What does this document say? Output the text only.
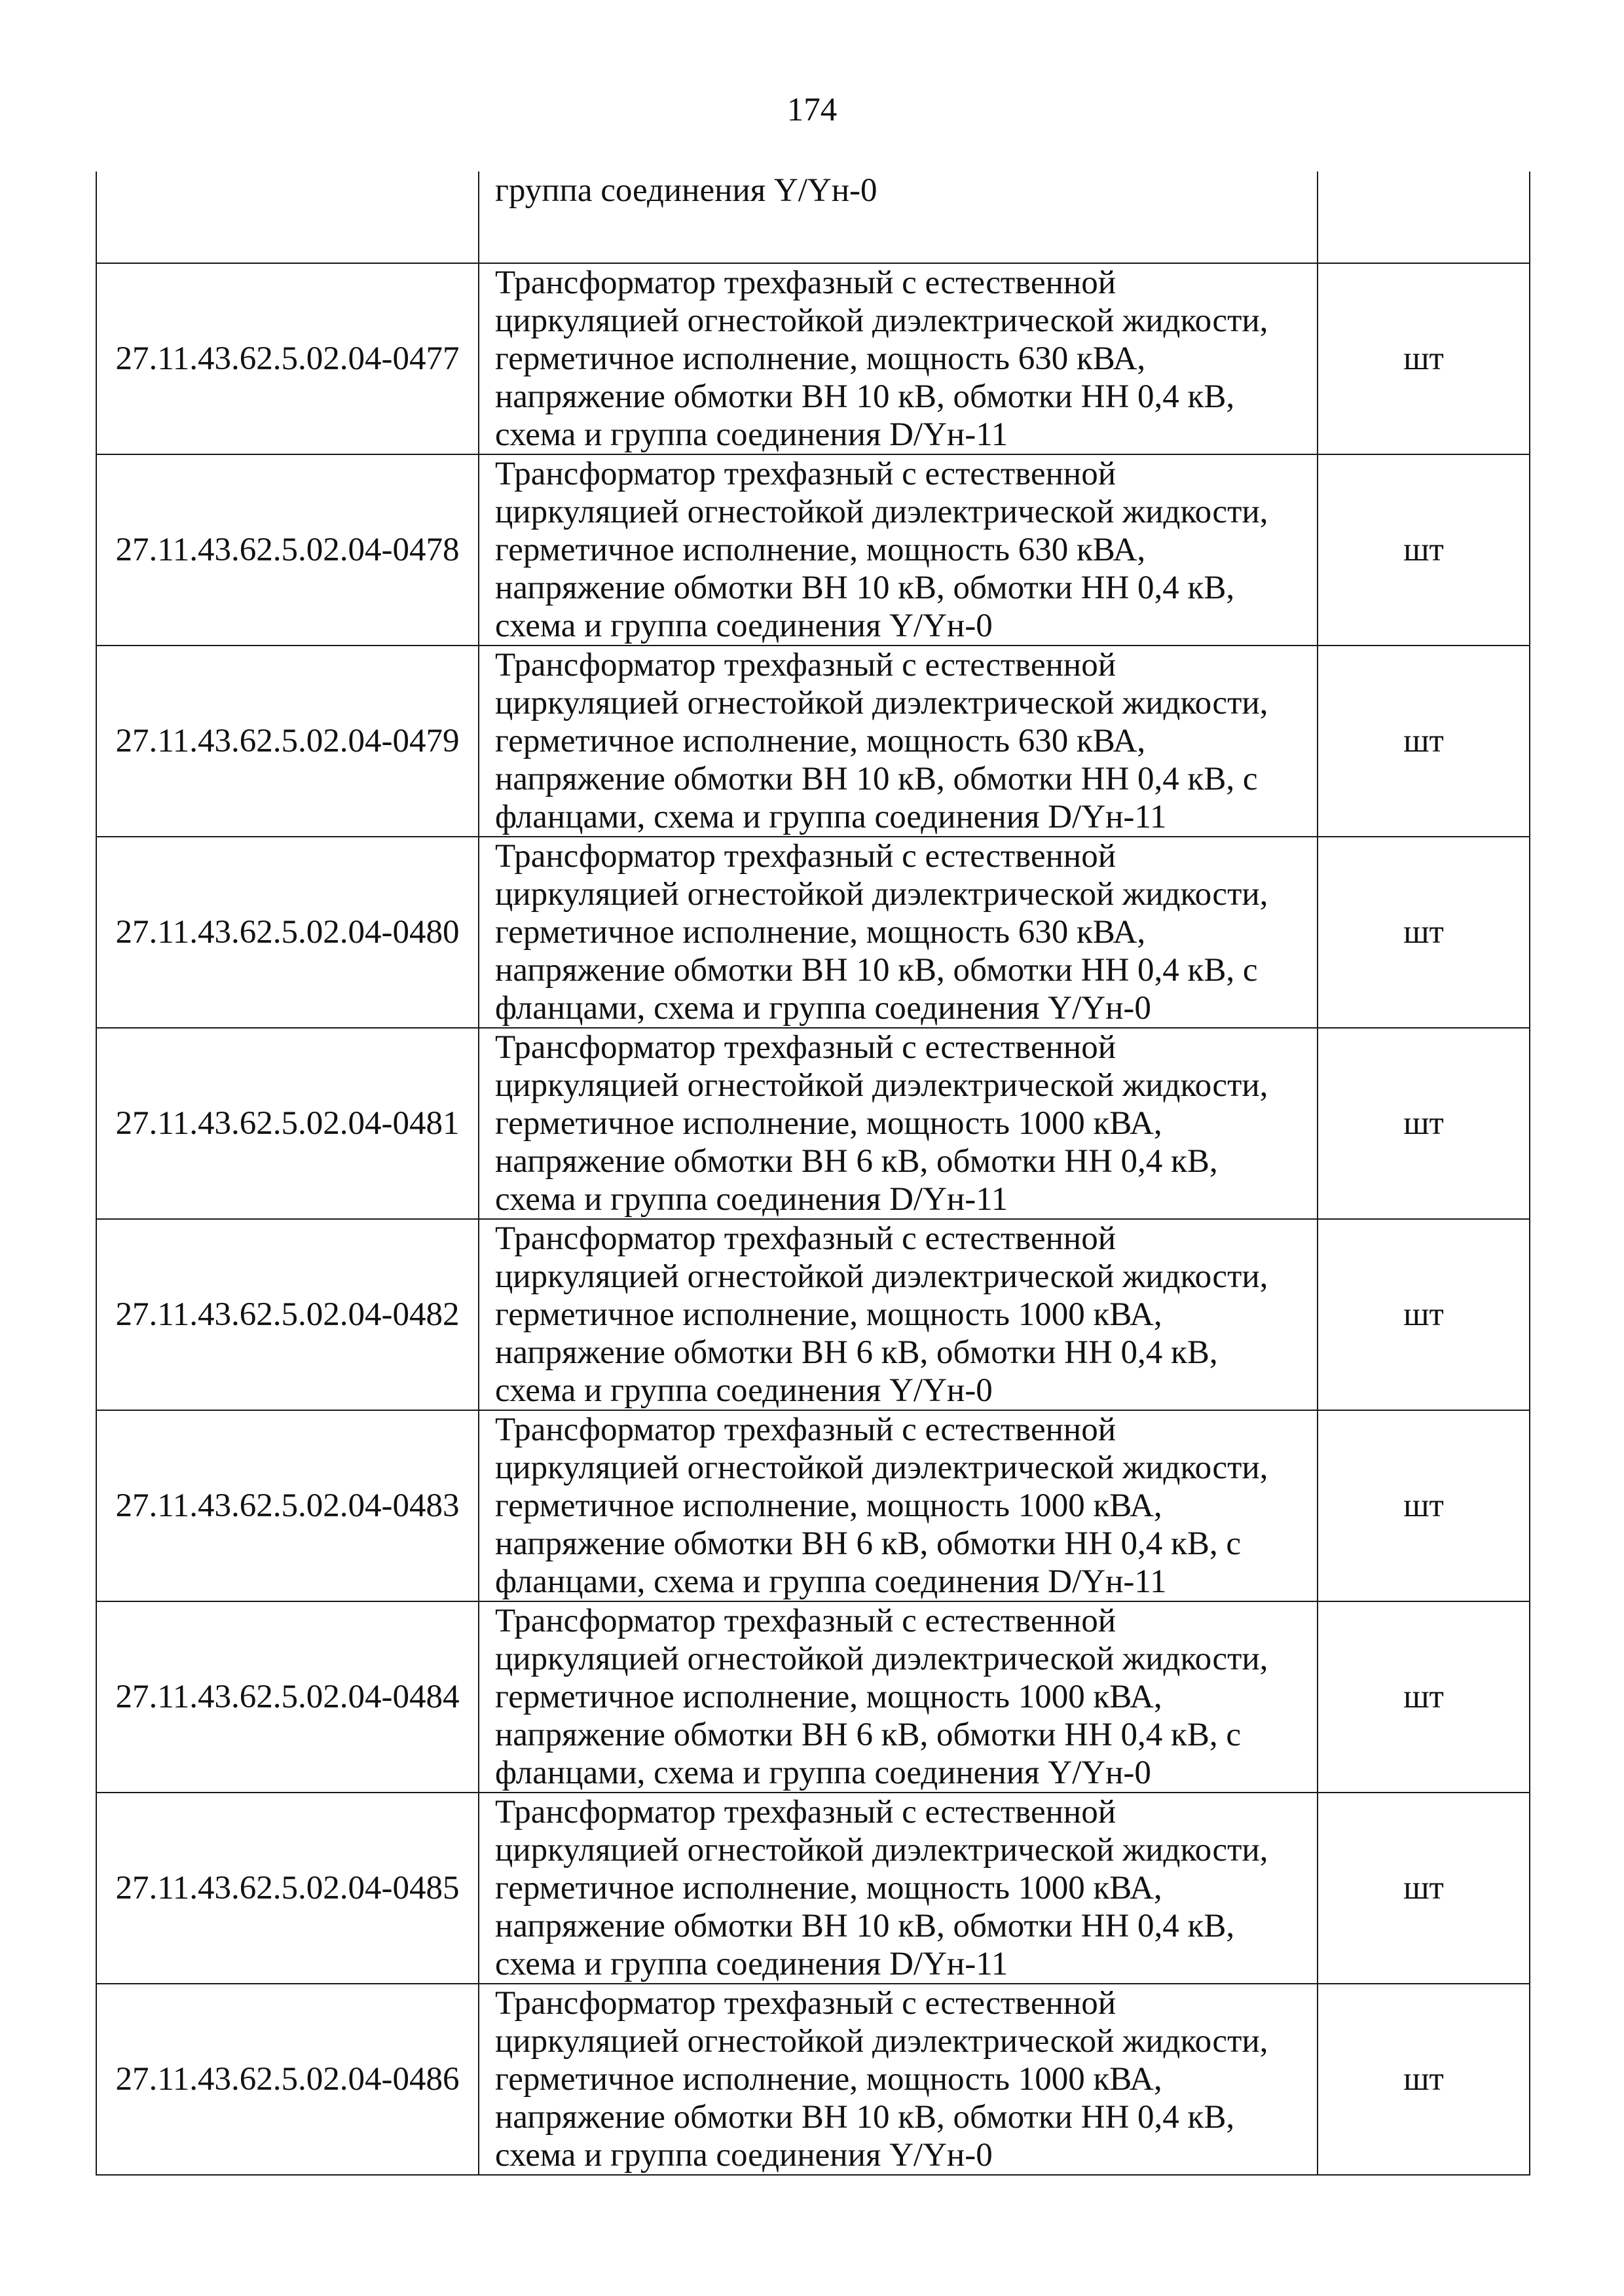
174
	группа соединения Y/Yн-0	
27.11.43.62.5.02.04-0477	Трансформатор трехфазный с естественной циркуляцией огнестойкой диэлектрической жидкости, герметичное исполнение, мощность 630 кВА, напряжение обмотки ВН 10 кВ, обмотки НН 0,4 кВ, схема и группа соединения D/Yн-11	шт
27.11.43.62.5.02.04-0478	Трансформатор трехфазный с естественной циркуляцией огнестойкой диэлектрической жидкости, герметичное исполнение, мощность 630 кВА, напряжение обмотки ВН 10 кВ, обмотки НН 0,4 кВ, схема и группа соединения Y/Yн-0	шт
27.11.43.62.5.02.04-0479	Трансформатор трехфазный с естественной циркуляцией огнестойкой диэлектрической жидкости, герметичное исполнение, мощность 630 кВА, напряжение обмотки ВН 10 кВ, обмотки НН 0,4 кВ, с фланцами, схема и группа соединения D/Yн-11	шт
27.11.43.62.5.02.04-0480	Трансформатор трехфазный с естественной циркуляцией огнестойкой диэлектрической жидкости, герметичное исполнение, мощность 630 кВА, напряжение обмотки ВН 10 кВ, обмотки НН 0,4 кВ, с фланцами, схема и группа соединения Y/Yн-0	шт
27.11.43.62.5.02.04-0481	Трансформатор трехфазный с естественной циркуляцией огнестойкой диэлектрической жидкости, герметичное исполнение, мощность 1000 кВА, напряжение обмотки ВН 6 кВ, обмотки НН 0,4 кВ, схема и группа соединения D/Yн-11	шт
27.11.43.62.5.02.04-0482	Трансформатор трехфазный с естественной циркуляцией огнестойкой диэлектрической жидкости, герметичное исполнение, мощность 1000 кВА, напряжение обмотки ВН 6 кВ, обмотки НН 0,4 кВ, схема и группа соединения Y/Yн-0	шт
27.11.43.62.5.02.04-0483	Трансформатор трехфазный с естественной циркуляцией огнестойкой диэлектрической жидкости, герметичное исполнение, мощность 1000 кВА, напряжение обмотки ВН 6 кВ, обмотки НН 0,4 кВ, с фланцами, схема и группа соединения D/Yн-11	шт
27.11.43.62.5.02.04-0484	Трансформатор трехфазный с естественной циркуляцией огнестойкой диэлектрической жидкости, герметичное исполнение, мощность 1000 кВА, напряжение обмотки ВН 6 кВ, обмотки НН 0,4 кВ, с фланцами, схема и группа соединения Y/Yн-0	шт
27.11.43.62.5.02.04-0485	Трансформатор трехфазный с естественной циркуляцией огнестойкой диэлектрической жидкости, герметичное исполнение, мощность 1000 кВА, напряжение обмотки ВН 10 кВ, обмотки НН 0,4 кВ, схема и группа соединения D/Yн-11	шт
27.11.43.62.5.02.04-0486	Трансформатор трехфазный с естественной циркуляцией огнестойкой диэлектрической жидкости, герметичное исполнение, мощность 1000 кВА, напряжение обмотки ВН 10 кВ, обмотки НН 0,4 кВ, схема и группа соединения Y/Yн-0	шт
